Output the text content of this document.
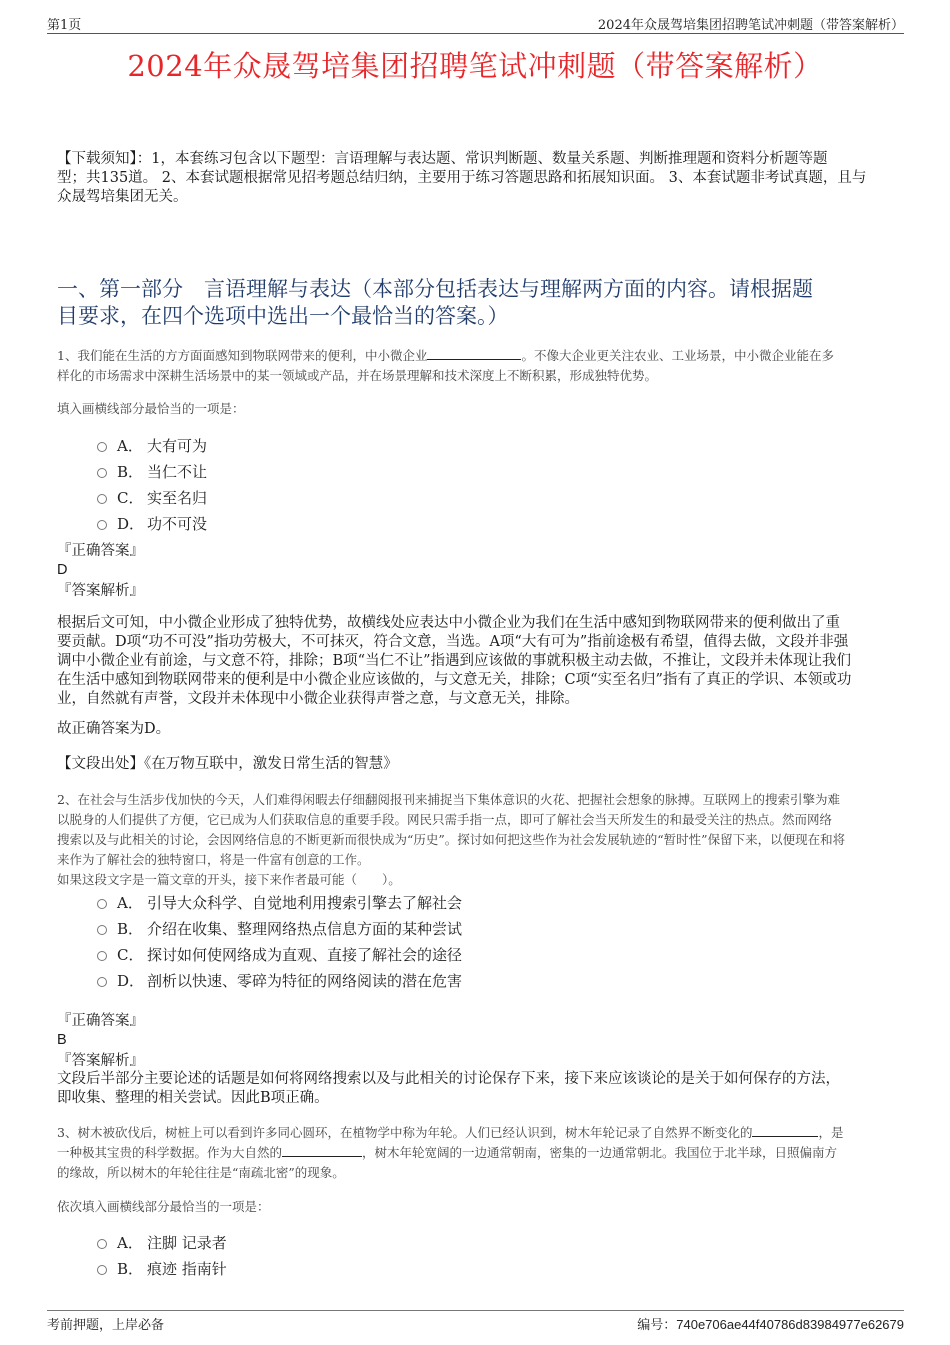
第1页	2024年众晟驾培集团招聘笔试冲刺题（带答案解析）
2024年众晟驾培集团招聘笔试冲刺题（带答案解析）
【下载须知】：1，本套练习包含以下题型：言语理解与表达题、常识判断题、数量关系题、判断推理题和资料分析题等题
型；共135道。 2、本套试题根据常见招考题总结归纳，主要用于练习答题思路和拓展知识面。 3、本套试题非考试真题，且与
众晟驾培集团无关。
一、第一部分　言语理解与表达（本部分包括表达与理解两方面的内容。请根据题
目要求，在四个选项中选出一个最恰当的答案。）
1、我们能在生活的方方面面感知到物联网带来的便利，中小微企业	。不像大企业更关注农业、工业场景，中小微企业能在多
样化的市场需求中深耕生活场景中的某一领域或产品，并在场景理解和技术深度上不断积累，形成独特优势。
填入画横线部分最恰当的一项是：
A． 大有可为
B． 当仁不让
C． 实至名归
D． 功不可没
『正确答案』
D
『答案解析』
根据后文可知，中小微企业形成了独特优势，故横线处应表达中小微企业为我们在生活中感知到物联网带来的便利做出了重
要贡献。D项“功不可没”指功劳极大，不可抹灭，符合文意，当选。A项“大有可为”指前途极有希望，值得去做，文段并非强
调中小微企业有前途，与文意不符，排除；B项“当仁不让”指遇到应该做的事就积极主动去做，不推让，文段并未体现让我们
在生活中感知到物联网带来的便利是中小微企业应该做的，与文意无关，排除；C项“实至名归”指有了真正的学识、本领或功
业，自然就有声誉，文段并未体现中小微企业获得声誉之意，与文意无关，排除。
故正确答案为D。
【文段出处】《在万物互联中，激发日常生活的智慧》
2、在社会与生活步伐加快的今天，人们难得闲暇去仔细翻阅报刊来捕捉当下集体意识的火花、把握社会想象的脉搏。互联网上的搜索引擎为难
以脱身的人们提供了方便，它已成为人们获取信息的重要手段。网民只需手指一点，即可了解社会当天所发生的和最受关注的热点。然而网络
搜索以及与此相关的讨论，会因网络信息的不断更新而很快成为“历史”。探讨如何把这些作为社会发展轨迹的“暂时性”保留下来，以便现在和将
来作为了解社会的独特窗口，将是一件富有创意的工作。
如果这段文字是一篇文章的开头，接下来作者最可能（　　）。
A． 引导大众科学、自觉地利用搜索引擎去了解社会
B． 介绍在收集、整理网络热点信息方面的某种尝试
C． 探讨如何使网络成为直观、直接了解社会的途径
D． 剖析以快速、零碎为特征的网络阅读的潜在危害
『正确答案』
B
『答案解析』
文段后半部分主要论述的话题是如何将网络搜索以及与此相关的讨论保存下来，接下来应该谈论的是关于如何保存的方法，
即收集、整理的相关尝试。因此B项正确。
3、树木被砍伐后，树桩上可以看到许多同心圆环，在植物学中称为年轮。人们已经认识到，树木年轮记录了自然界不断变化的	，是
一种极其宝贵的科学数据。作为大自然的	，树木年轮宽阔的一边通常朝南，密集的一边通常朝北。我国位于北半球，日照偏南方
的缘故，所以树木的年轮往往是“南疏北密”的现象。
依次填入画横线部分最恰当的一项是：
A． 注脚 记录者
B． 痕迹 指南针
考前押题，上岸必备	编号：740e706ae44f40786d83984977e62679
